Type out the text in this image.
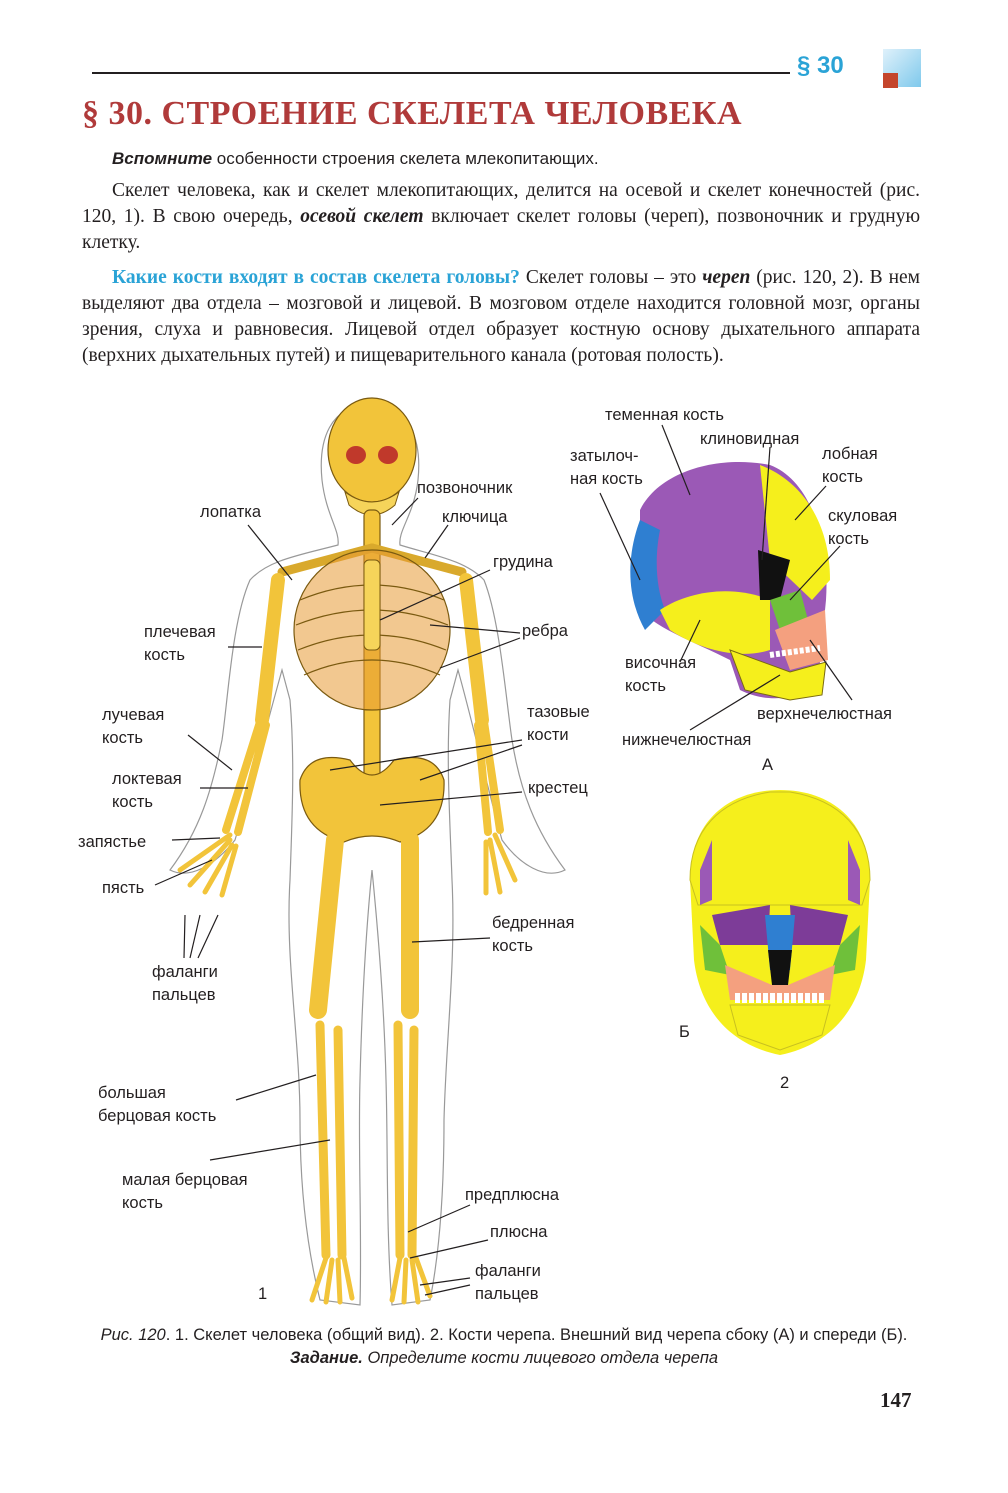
§ 30
§ 30. СТРОЕНИЕ СКЕЛЕТА ЧЕЛОВЕКА

Вспомните особенности строения скелета млекопитающих.

Скелет человека, как и скелет млекопитающих, делится на осевой и скелет конечностей (рис. 120, 1). В свою очередь, осевой скелет включает скелет головы (череп), позвоночник и грудную клетку.

Какие кости входят в состав скелета головы? Скелет головы – это череп (рис. 120, 2). В нем выделяют два отдела – мозговой и лицевой. В мозговом отделе находится головной мозг, органы зрения, слуха и равновесия. Лицевой отдел образует костную основу дыхательного аппарата (верхних дыхательных путей) и пищеварительного канала (ротовая полость).

лопатка
позвоночник
ключица
грудина
плечевая
кость
ребра
лучевая
кость
тазовые
кости
локтевая
кость
крестец
запястье
пясть
бедренная
кость
фаланги
пальцев
большая
берцовая кость
малая берцовая
кость	предплюсна
плюсна
фаланги
пальцев
1
теменная кость
клиновидная
затылоч-
ная кость
лобная
кость
скуловая
кость
височная
кость
верхнечелюстная
нижнечелюстная
А
Б
2

Рис. 120. 1. Скелет человека (общий вид). 2. Кости черепа. Внешний вид черепа сбоку (А) и спереди (Б). Задание. Определите кости лицевого отдела черепа

147
